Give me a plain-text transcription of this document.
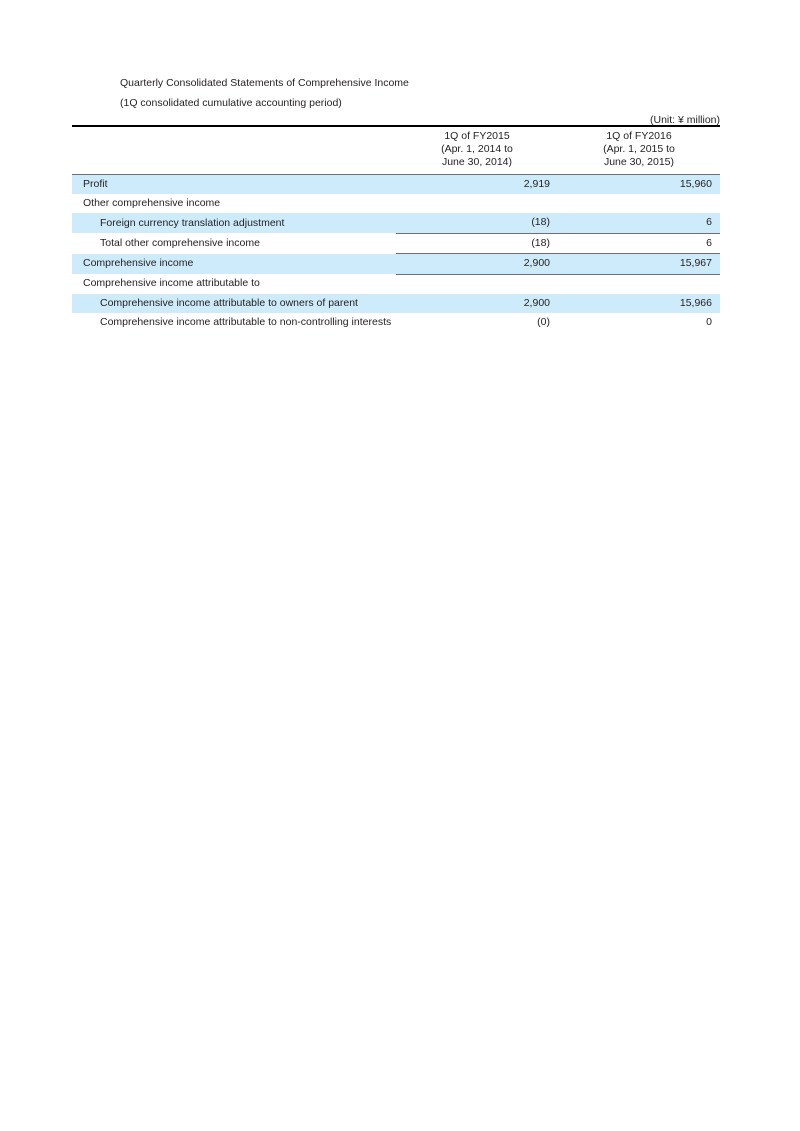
Quarterly Consolidated Statements of Comprehensive Income
(1Q consolidated cumulative accounting period)
(Unit: ¥ million)

	1Q of FY2015
(Apr. 1, 2014 to
June 30, 2014)	1Q of FY2016
(Apr. 1, 2015 to
June 30, 2015)

Profit	2,919	15,960
Other comprehensive income		
Foreign currency translation adjustment	(18)	6
Total other comprehensive income	(18)	6
Comprehensive income	2,900	15,967
Comprehensive income attributable to		
Comprehensive income attributable to owners of parent	2,900	15,966
Comprehensive income attributable to non-controlling interests	(0)	0
